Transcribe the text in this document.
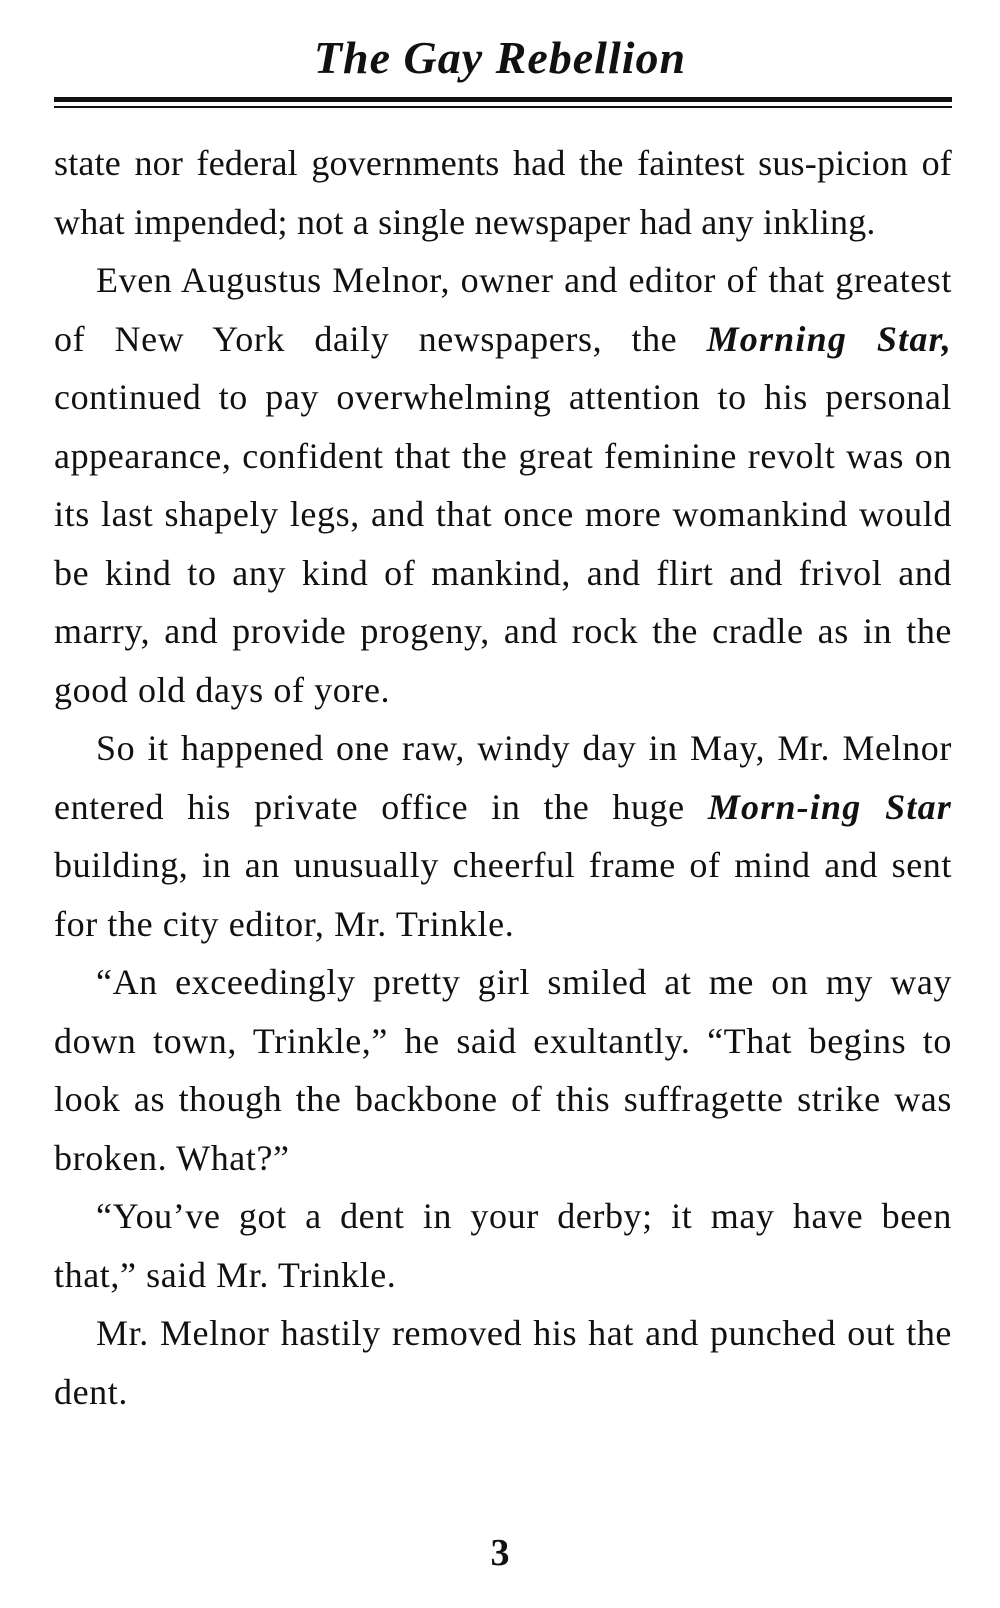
The Gay Rebellion

state nor federal governments had the faintest sus-picion of what impended; not a single newspaper had any inkling.

Even Augustus Melnor, owner and editor of that greatest of New York daily newspapers, the Morning Star, continued to pay overwhelming attention to his personal appearance, confident that the great feminine revolt was on its last shapely legs, and that once more womankind would be kind to any kind of mankind, and flirt and frivol and marry, and provide progeny, and rock the cradle as in the good old days of yore.

So it happened one raw, windy day in May, Mr. Melnor entered his private office in the huge Morn-ing Star building, in an unusually cheerful frame of mind and sent for the city editor, Mr. Trinkle.

“An exceedingly pretty girl smiled at me on my way down town, Trinkle,” he said exultantly. “That begins to look as though the backbone of this suffragette strike was broken. What?”

“You’ve got a dent in your derby; it may have been that,” said Mr. Trinkle.

Mr. Melnor hastily removed his hat and punched out the dent.

3
